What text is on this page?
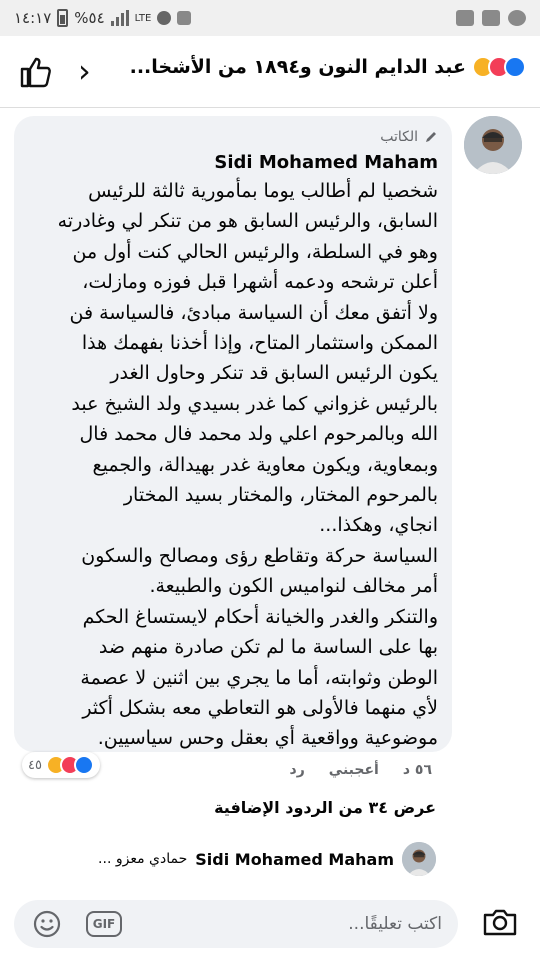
١٤:١٧ %٥٤	LTE
›	عبد الدايم النون و١٨٩٤ من الأشخا...
الكاتب
Sidi Mohamed Maham
شخصيا لم أطالب يوما بمأمورية ثالثة للرئيس
السابق، والرئيس السابق هو من تنكر لي وغادرته
وهو في السلطة، والرئيس الحالي كنت أول من
أعلن ترشحه ودعمه أشهرا قبل فوزه ومازلت،
ولا أتفق معك أن السياسة مبادئ، فالسياسة فن
الممكن واستثمار المتاح، وإذا أخذنا بفهمك هذا
يكون الرئيس السابق قد تنكر وحاول الغدر
بالرئيس غزواني كما غدر بسيدي ولد الشيخ عبد
الله وبالمرحوم اعلي ولد محمد فال محمد فال
وبمعاوية، ويكون معاوية غدر بهيدالة، والجميع
بالمرحوم المختار، والمختار بسيد المختار
انجاي، وهكذا...
السياسة حركة وتقاطع رؤى ومصالح والسكون
أمر مخالف لنواميس الكون والطبيعة.
والتنكر والغدر والخيانة أحكام لايستساغ الحكم
بها على الساسة ما لم تكن صادرة منهم ضد
الوطن وثوابته، أما ما يجري بين اثنين لا عصمة
لأي منهما فالأولى هو التعاطي معه بشكل أكثر
موضوعية وواقعية أي بعقل وحس سياسيين.
٤٥	٥٦ د
أعجبني
رد
عرض ٣٤ من الردود الإضافية
Sidi Mohamed Maham
حمادي معزو ...
اكتب تعليقًا...
GIF
